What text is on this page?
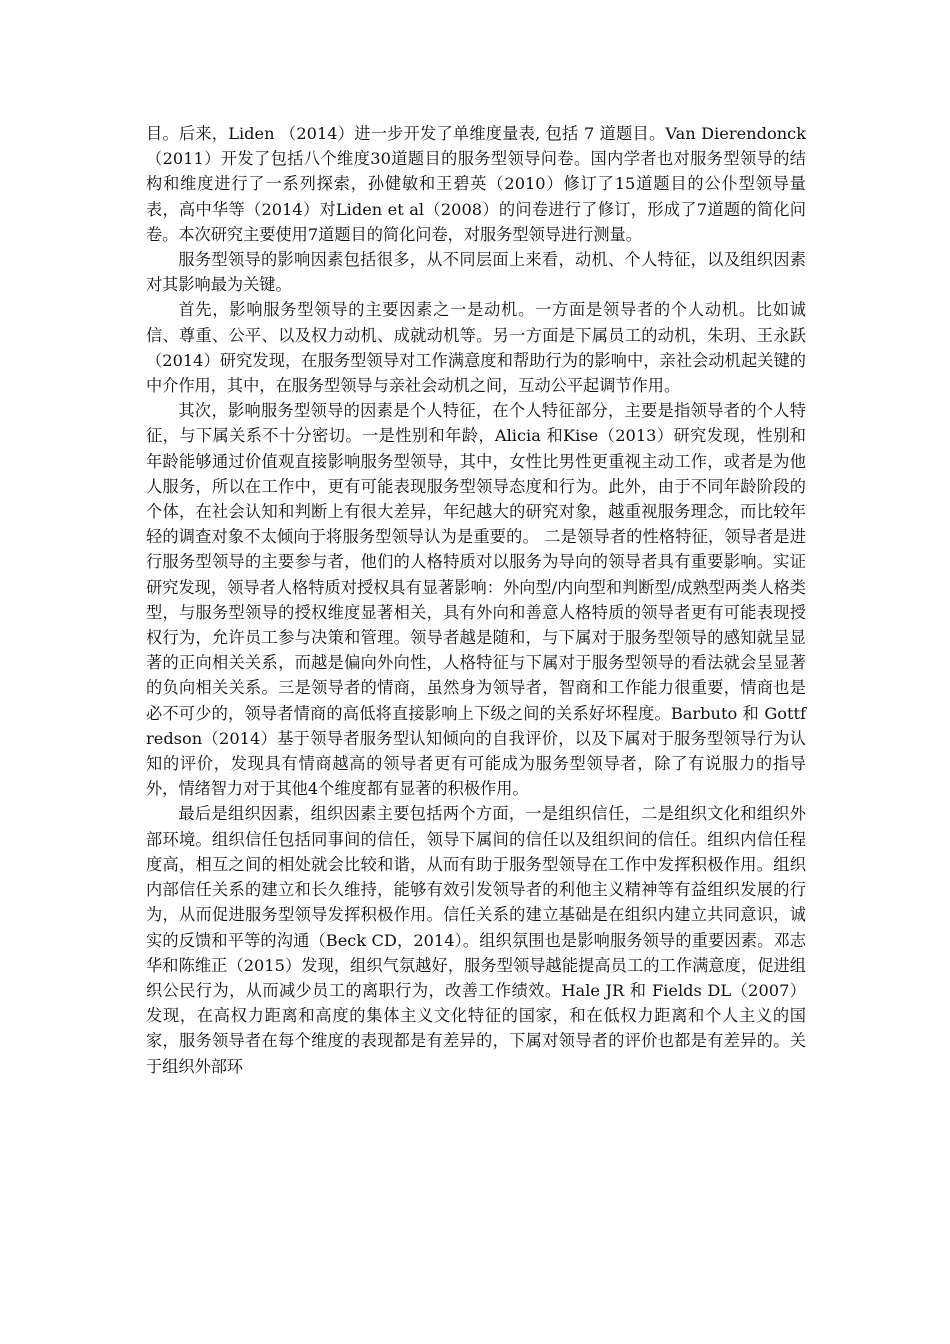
目。后来，Liden （2014）进一步开发了单维度量表, 包括 7 道题目。Van Dierendonck（2011）开发了包括八个维度30道题目的服务型领导问卷。国内学者也对服务型领导的结构和维度进行了一系列探索，孙健敏和王碧英（2010）修订了15道题目的公仆型领导量表，高中华等（2014）对Liden et al（2008）的问卷进行了修订，形成了7道题的简化问卷。本次研究主要使用7道题目的简化问卷，对服务型领导进行测量。

服务型领导的影响因素包括很多，从不同层面上来看，动机、个人特征，以及组织因素对其影响最为关键。

首先，影响服务型领导的主要因素之一是动机。一方面是领导者的个人动机。比如诚信、尊重、公平、以及权力动机、成就动机等。另一方面是下属员工的动机，朱玥、王永跃（2014）研究发现，在服务型领导对工作满意度和帮助行为的影响中，亲社会动机起关键的中介作用，其中，在服务型领导与亲社会动机之间，互动公平起调节作用。

其次，影响服务型领导的因素是个人特征，在个人特征部分，主要是指领导者的个人特征，与下属关系不十分密切。一是性别和年龄，Alicia 和Kise（2013）研究发现，性别和年龄能够通过价值观直接影响服务型领导，其中，女性比男性更重视主动工作，或者是为他人服务，所以在工作中，更有可能表现服务型领导态度和行为。此外，由于不同年龄阶段的个体，在社会认知和判断上有很大差异，年纪越大的研究对象，越重视服务理念，而比较年轻的调查对象不太倾向于将服务型领导认为是重要的。 二是领导者的性格特征，领导者是进行服务型领导的主要参与者，他们的人格特质对以服务为导向的领导者具有重要影响。实证研究发现，领导者人格特质对授权具有显著影响：外向型/内向型和判断型/成熟型两类人格类型，与服务型领导的授权维度显著相关，具有外向和善意人格特质的领导者更有可能表现授权行为，允许员工参与决策和管理。领导者越是随和，与下属对于服务型领导的感知就呈显著的正向相关关系，而越是偏向外向性，人格特征与下属对于服务型领导的看法就会呈显著的负向相关关系。三是领导者的情商，虽然身为领导者，智商和工作能力很重要，情商也是必不可少的，领导者情商的高低将直接影响上下级之间的关系好坏程度。Barbuto 和 Gottfredson（2014）基于领导者服务型认知倾向的自我评价，以及下属对于服务型领导行为认知的评价，发现具有情商越高的领导者更有可能成为服务型领导者，除了有说服力的指导外，情绪智力对于其他4个维度都有显著的积极作用。

最后是组织因素，组织因素主要包括两个方面，一是组织信任，二是组织文化和组织外部环境。组织信任包括同事间的信任，领导下属间的信任以及组织间的信任。组织内信任程度高，相互之间的相处就会比较和谐，从而有助于服务型领导在工作中发挥积极作用。组织内部信任关系的建立和长久维持，能够有效引发领导者的利他主义精神等有益组织发展的行为，从而促进服务型领导发挥积极作用。信任关系的建立基础是在组织内建立共同意识，诚实的反馈和平等的沟通（Beck CD，2014）。组织氛围也是影响服务领导的重要因素。邓志华和陈维正（2015）发现，组织气氛越好，服务型领导越能提高员工的工作满意度，促进组织公民行为，从而减少员工的离职行为，改善工作绩效。Hale JR 和 Fields DL（2007）发现，在高权力距离和高度的集体主义文化特征的国家，和在低权力距离和个人主义的国家，服务领导者在每个维度的表现都是有差异的，下属对领导者的评价也都是有差异的。关于组织外部环
